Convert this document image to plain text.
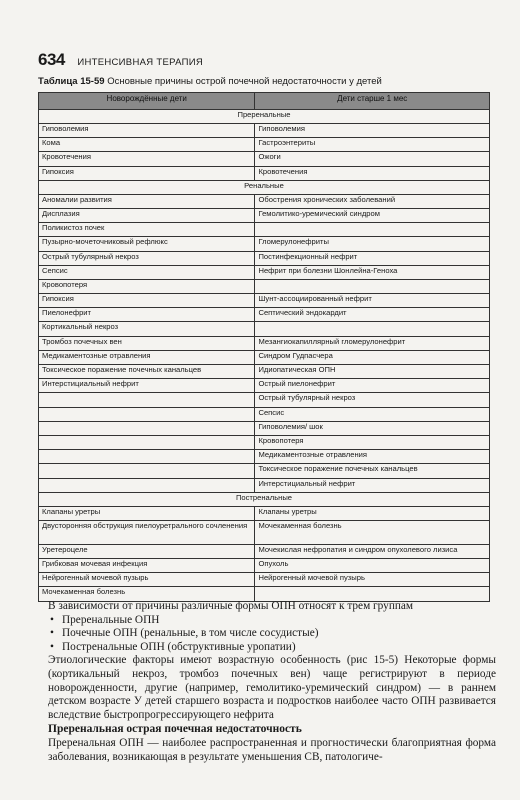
634 ИНТЕНСИВНАЯ ТЕРАПИЯ
Таблица 15-59 Основные причины острой почечной недостаточности у детей
Новорождённые дети	Дети старше 1 мес
Преренальные	
Гиповолемия	Гиповолемия
Кома	Гастроэнтериты
Кровотечения	Ожоги
Гипоксия	Кровотечения
Ренальные	
Аномалии развития	Обострения хронических заболеваний
Дисплазия	Гемолитико-уремический синдром
Поликистоз почек	
Пузырно-мочеточниковый рефлюкс	Гломерулонефриты
Острый тубулярный некроз	Постинфекционный нефрит
Сепсис	Нефрит при болезни Шонлейна-Геноха
Кровопотеря	
Гипоксия	Шунт-ассоциированный нефрит
Пиелонефрит	Септический эндокардит
Кортикальный некроз	
Тромбоз почечных вен	Мезангиокапиллярный гломерулонефрит
Медикаментозные отравления	Синдром Гудпасчера
Токсическое поражение почечных канальцев	Идиопатическая ОПН
Интерстициальный нефрит	Острый пиелонефрит
	Острый тубулярный некроз
	Сепсис
	Гиповолемия/ шок
	Кровопотеря
	Медикаментозные отравления
	Токсическое поражение почечных канальцев
	Интерстициальный нефрит
Постренальные	
Клапаны уретры	Клапаны уретры
Двусторонняя обструкция пиелоуретрального сочленения	Мочекаменная болезнь
Уретероцеле	Мочекислая нефропатия и синдром опухолевого лизиса
Грибковая мочевая инфекция	Опухоль
Нейрогенный мочевой пузырь	Нейрогенный мочевой пузырь
Мочекаменная болезнь	

В зависимости от причины различные формы ОПН относят к трем группам

• Преренальные ОПН
• Почечные ОПН (ренальные, в том числе сосудистые)
• Постренальные ОПН (обструктивные уропатии)

Этиологические факторы имеют возрастную особенность (рис 15-5) Некоторые формы (кортикальный некроз, тромбоз почечных вен) чаще регистрируют в периоде новорожденности, другие (например, гемолитико-уремический синдром) — в раннем детском возрасте У детей старшего возраста и подростков наиболее часто ОПН развивается вследствие быстропрогрессирующего нефрита

Преренальная острая почечная недостаточность

Преренальная ОПН — наиболее распространенная и прогностически благоприятная форма заболевания, возникающая в результате уменьшения СВ, патологиче-
